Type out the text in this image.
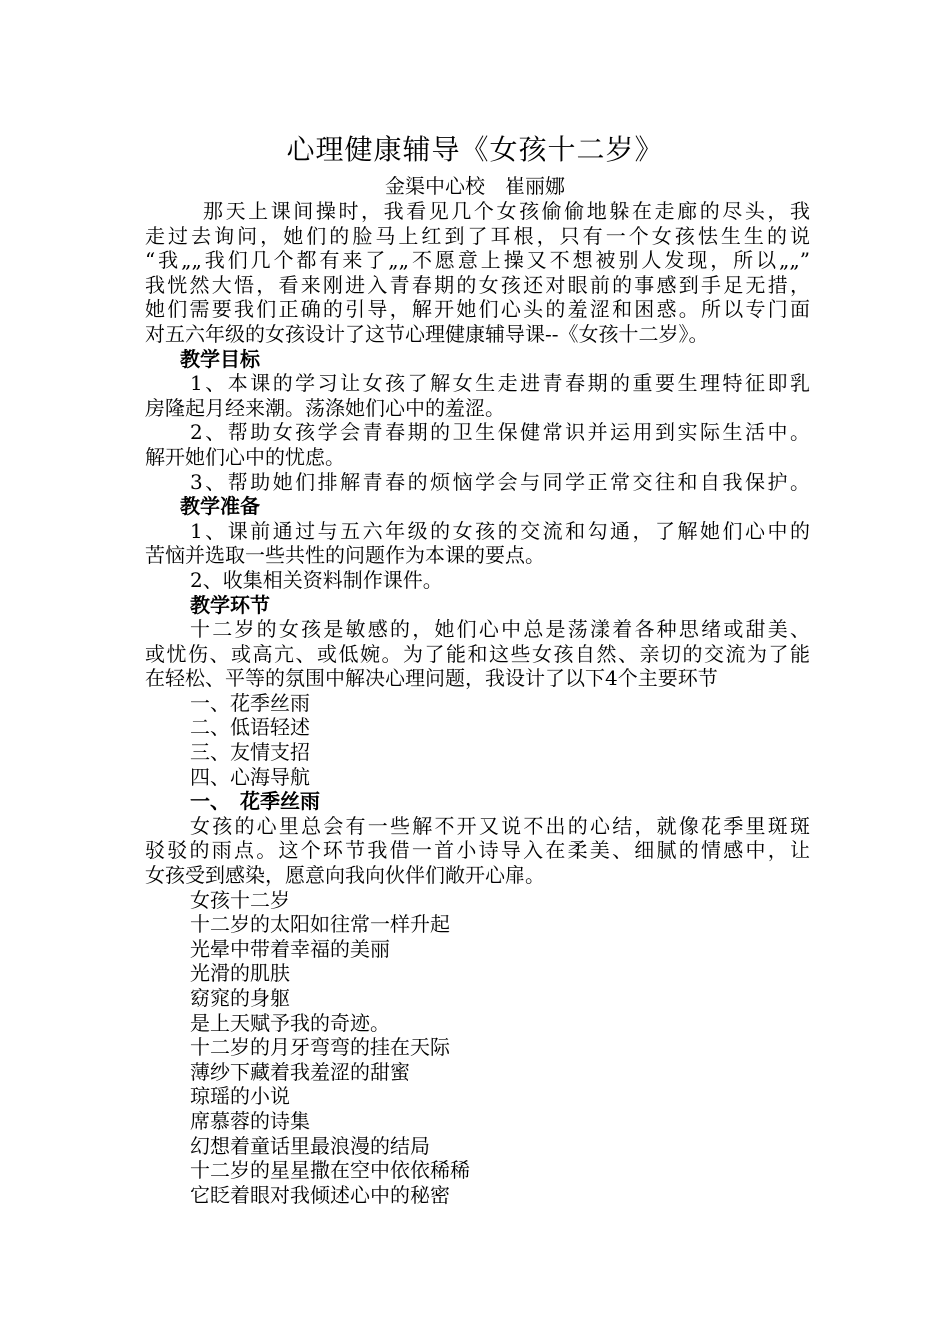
心理健康辅导《女孩十二岁》
金渠中心校　崔丽娜
那天上课间操时，我看见几个女孩偷偷地躲在走廊的尽头，我
走过去询问，她们的脸马上红到了耳根，只有一个女孩怯生生的说
“我„„我们几个都有来了„„不愿意上操又不想被别人发现，所以„„”
我恍然大悟，看来刚进入青春期的女孩还对眼前的事感到手足无措，
她们需要我们正确的引导，解开她们心头的羞涩和困惑。所以专门面
对五六年级的女孩设计了这节心理健康辅导课--《女孩十二岁》。
教学目标
1、本课的学习让女孩了解女生走进青春期的重要生理特征即乳
房隆起月经来潮。荡涤她们心中的羞涩。
2、帮助女孩学会青春期的卫生保健常识并运用到实际生活中。
解开她们心中的忧虑。
3、帮助她们排解青春的烦恼学会与同学正常交往和自我保护。
教学准备
1、课前通过与五六年级的女孩的交流和勾通，了解她们心中的
苦恼并选取一些共性的问题作为本课的要点。
2、收集相关资料制作课件。
教学环节
十二岁的女孩是敏感的，她们心中总是荡漾着各种思绪或甜美、
或忧伤、或高亢、或低婉。为了能和这些女孩自然、亲切的交流为了能
在轻松、平等的氛围中解决心理问题，我设计了以下4个主要环节
一、花季丝雨
二、低语轻述
三、友情支招
四、心海导航
一、　花季丝雨
女孩的心里总会有一些解不开又说不出的心结，就像花季里斑斑
驳驳的雨点。这个环节我借一首小诗导入在柔美、细腻的情感中，让
女孩受到感染，愿意向我向伙伴们敞开心扉。
女孩十二岁
十二岁的太阳如往常一样升起
光晕中带着幸福的美丽
光滑的肌肤
窈窕的身躯
是上天赋予我的奇迹。
十二岁的月牙弯弯的挂在天际
薄纱下藏着我羞涩的甜蜜
琼瑶的小说
席慕蓉的诗集
幻想着童话里最浪漫的结局
十二岁的星星撒在空中依依稀稀
它眨着眼对我倾述心中的秘密
